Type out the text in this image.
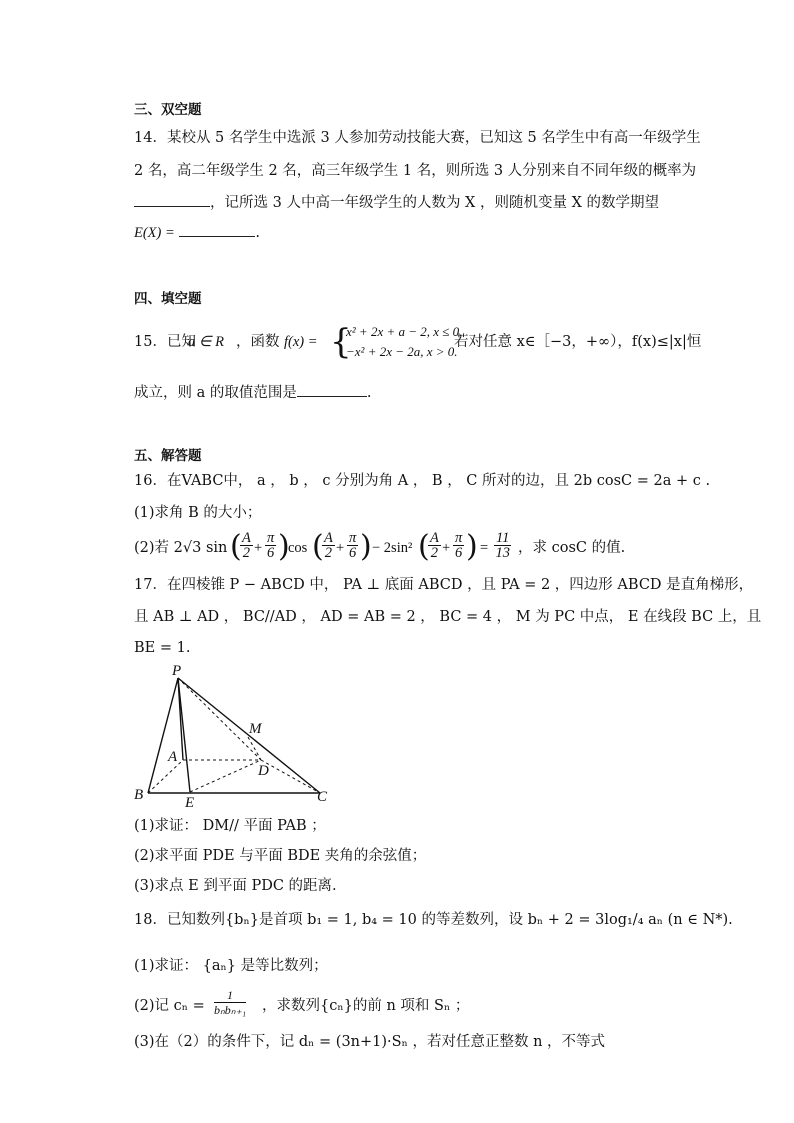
三、双空题
14．某校从 5 名学生中选派 3 人参加劳动技能大赛，已知这 5 名学生中有高一年级学生
2 名，高二年级学生 2 名，高三年级学生 1 名，则所选 3 人分别来自不同年级的概率为
，记所选 3 人中高一年级学生的人数为 X ，则随机变量 X 的数学期望
E(X) =	.
四、填空题
15．已知
a ∈ R ，函数 f(x) = {
x² + 2x + a − 2, x ≤ 0,
−x² + 2x − 2a, x > 0.
若对任意 x∈［−3，+∞），f(x)≤|x|恒
成立，则 a 的取值范围是	.
五、解答题
16．在VABC中， a ， b ， c 分别为角 A ， B ， C 所对的边，且 2b cosC = 2a + c .
(1)求角 B 的大小；
(2)若 2√3 sin (
$\frac{A}{2} + \frac{\pi}{6}$ )
cos (
$\frac{A}{2} + \frac{\pi}{6}$ ) − 2sin² (
$\frac{A}{2} + \frac{\pi}{6}$ ) = $\frac{11}{13}$ ，求 cosC 的值.
17．在四棱锥 P − ABCD 中， PA ⊥ 底面 ABCD ，且 PA = 2 ，四边形 ABCD 是直角梯形，
且 AB ⊥ AD ， BC//AD ， AD = AB = 2 ， BC = 4 ， M 为 PC 中点， E 在线段 BC 上，且
BE = 1.
P
M
A
D
B	E	C
(1)求证： DM// 平面 PAB ；
(2)求平面 PDE 与平面 BDE 夹角的余弦值；
(3)求点 E 到平面 PDC 的距离.
18．已知数列{bₙ}是首项 b₁ = 1, b₄ = 10 的等差数列，设 bₙ + 2 = 3log₁/₄ aₙ (n ∈ N*).
(1)求证： {aₙ} 是等比数列；
(2)记 cₙ =
1
bₙbₙ₊₁ ，求数列{cₙ}的前 n 项和 Sₙ ；
(3)在（2）的条件下，记 dₙ = (3n+1)·Sₙ ，若对任意正整数 n ，不等式
